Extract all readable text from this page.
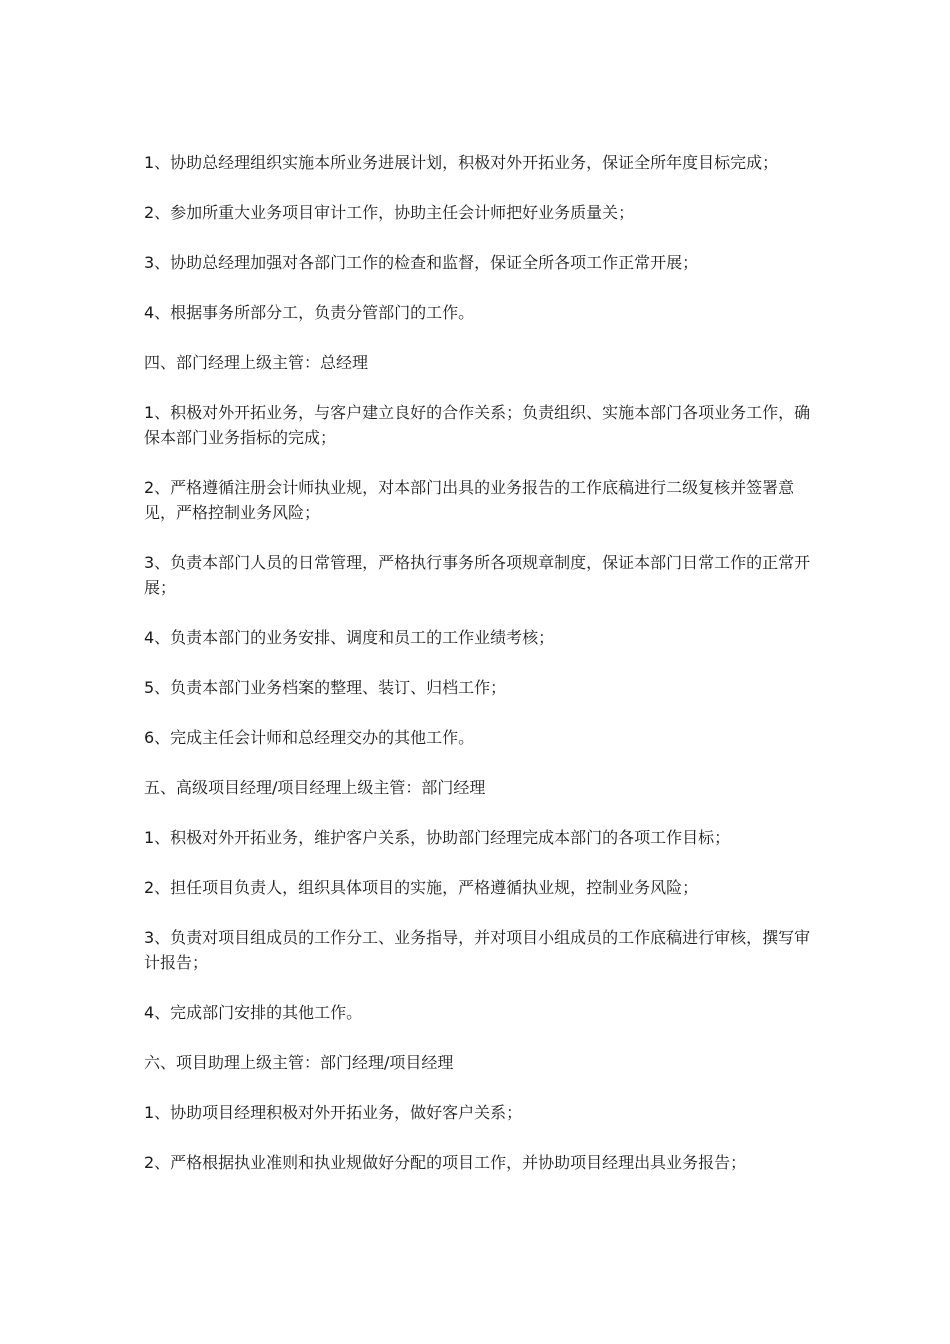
1、协助总经理组织实施本所业务进展计划，积极对外开拓业务，保证全所年度目标完成；

2、参加所重大业务项目审计工作，协助主任会计师把好业务质量关；

3、协助总经理加强对各部门工作的检查和监督，保证全所各项工作正常开展；

4、根据事务所部分工，负责分管部门的工作。

四、部门经理上级主管：总经理

1、积极对外开拓业务，与客户建立良好的合作关系；负责组织、实施本部门各项业务工作，确保本部门业务指标的完成；

2、严格遵循注册会计师执业规，对本部门出具的业务报告的工作底稿进行二级复核并签署意见，严格控制业务风险；

3、负责本部门人员的日常管理，严格执行事务所各项规章制度，保证本部门日常工作的正常开展；

4、负责本部门的业务安排、调度和员工的工作业绩考核；

5、负责本部门业务档案的整理、装订、归档工作；

6、完成主任会计师和总经理交办的其他工作。

五、高级项目经理/项目经理上级主管：部门经理

1、积极对外开拓业务，维护客户关系，协助部门经理完成本部门的各项工作目标；

2、担任项目负责人，组织具体项目的实施，严格遵循执业规，控制业务风险；

3、负责对项目组成员的工作分工、业务指导，并对项目小组成员的工作底稿进行审核，撰写审计报告；

4、完成部门安排的其他工作。

六、项目助理上级主管：部门经理/项目经理

1、协助项目经理积极对外开拓业务，做好客户关系；

2、严格根据执业准则和执业规做好分配的项目工作，并协助项目经理出具业务报告；
